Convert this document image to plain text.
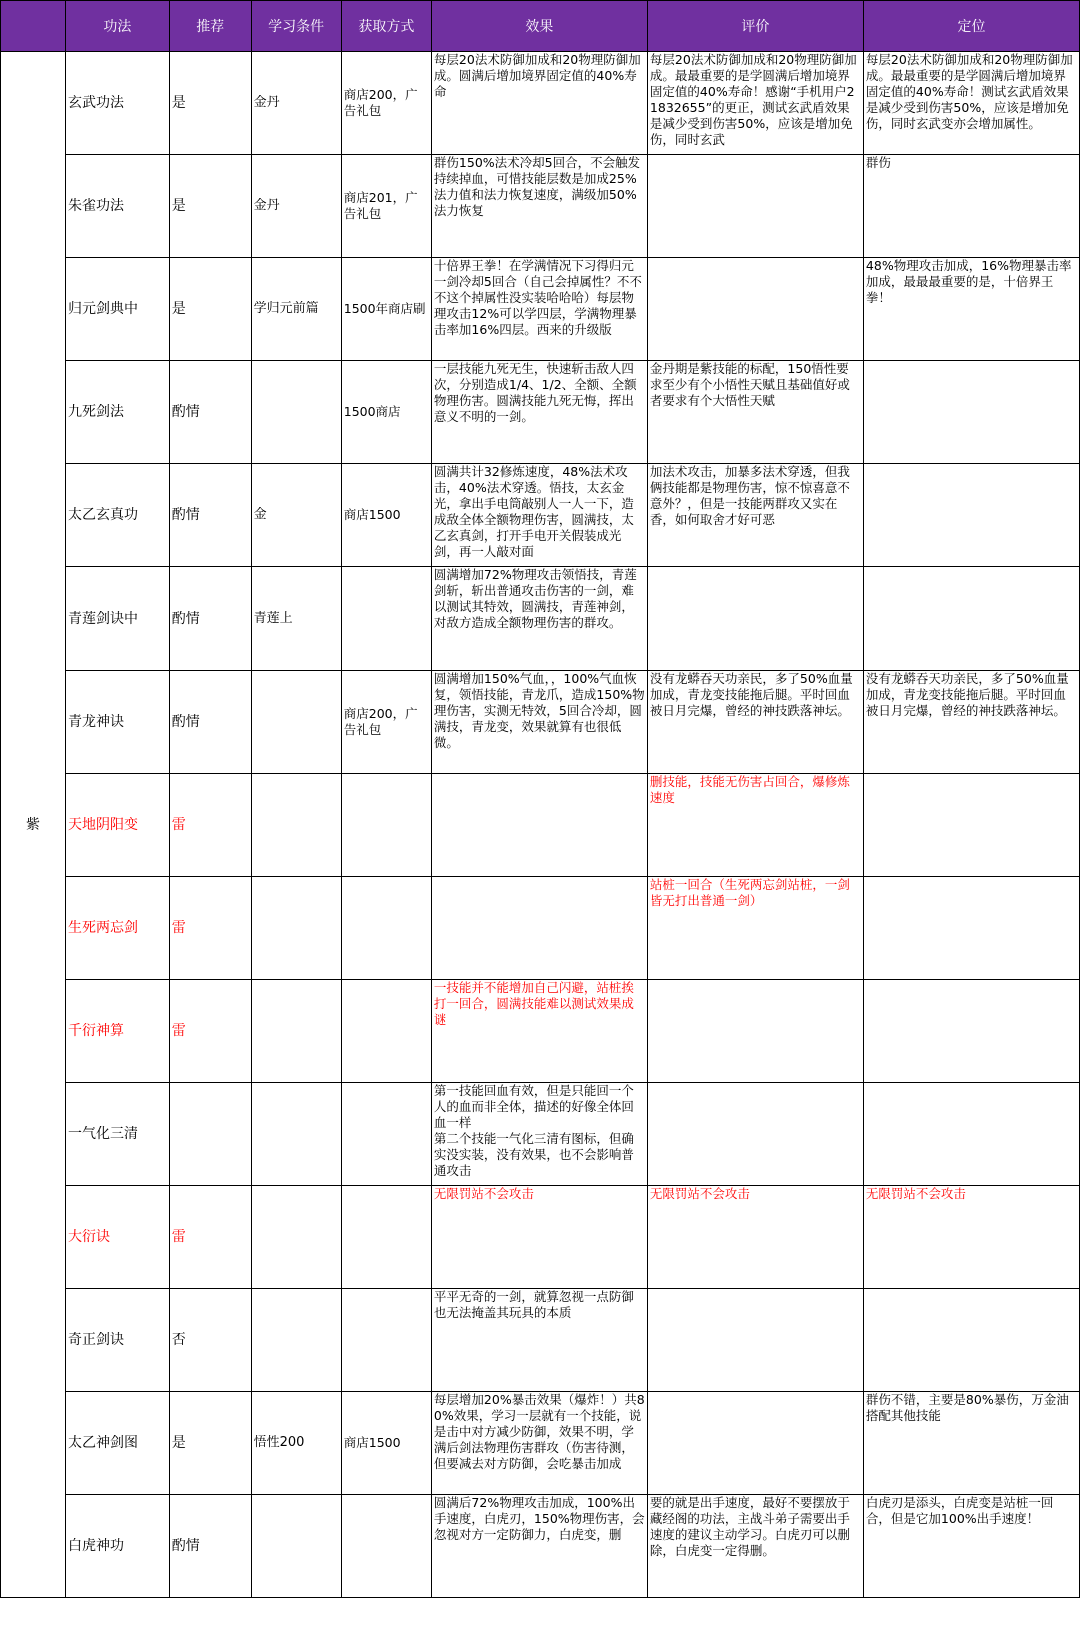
	功法	推荐	学习条件	获取方式	效果	评价	定位
紫	玄武功法	是	金丹	商店200，广告礼包	每层20法术防御加成和20物理防御加成。圆满后增加境界固定值的40%寿命	每层20法术防御加成和20物理防御加成。最最重要的是学圆满后增加境界固定值的40%寿命！感谢“手机用户21832655”的更正，测试玄武盾效果是减少受到伤害50%，应该是增加免伤，同时玄武	每层20法术防御加成和20物理防御加成。最最重要的是学圆满后增加境界固定值的40%寿命！测试玄武盾效果是减少受到伤害50%，应该是增加免伤，同时玄武变亦会增加属性。

	朱雀功法	是	金丹	商店201，广告礼包	群伤150%法术冷却5回合，不会触发持续掉血，可惜技能层数是加成25%法力值和法力恢复速度，满级加50%法力恢复		群伤

	归元剑典中	是	学归元前篇	1500年商店刷	十倍界王拳！在学满情况下习得归元一剑冷却5回合（自己会掉属性？不不不这个掉属性没实装哈哈哈）每层物理攻击12%可以学四层，学满物理暴击率加16%四层。西来的升级版		48%物理攻击加成，16%物理暴击率加成，最最最重要的是，十倍界王拳！

	九死剑法	酌情		1500商店	一层技能九死无生，快速斩击敌人四次，分别造成1/4、1/2、全额、全额物理伤害。圆满技能九死无悔，挥出意义不明的一剑。	金丹期是紫技能的标配，150悟性要求至少有个小悟性天赋且基础值好或者要求有个大悟性天赋	

	太乙玄真功	酌情	金	商店1500	圆满共计32修炼速度，48%法术攻击，40%法术穿透。悟技，太玄金光，拿出手电筒敲别人一人一下，造成敌全体全额物理伤害，圆满技，太乙玄真剑，打开手电开关假装成光剑，再一人敲对面	加法术攻击，加暴多法术穿透，但我俩技能都是物理伤害，惊不惊喜意不意外？，但是一技能两群攻又实在香，如何取舍才好可恶	

	青莲剑诀中	酌情	青莲上		圆满增加72%物理攻击领悟技，青莲剑斩，斩出普通攻击伤害的一剑，难以测试其特效，圆满技，青莲神剑，对敌方造成全额物理伤害的群攻。		

	青龙神诀	酌情		商店200，广告礼包	圆满增加150%气血，，100%气血恢复，领悟技能，青龙爪，造成150%物理伤害，实测无特效，5回合冷却，圆满技，青龙变，效果就算有也很低微。	没有龙蟒吞天功亲民，多了50%血量加成，青龙变技能拖后腿。平时回血被日月完爆，曾经的神技跌落神坛。	没有龙蟒吞天功亲民，多了50%血量加成，青龙变技能拖后腿。平时回血被日月完爆，曾经的神技跌落神坛。

	天地阴阳变	雷				删技能，技能无伤害占回合，爆修炼速度	

	生死两忘剑	雷				站桩一回合（生死两忘剑站桩，一剑皆无打出普通一剑）	

	千衍神算	雷			一技能并不能增加自己闪避，站桩挨打一回合，圆满技能难以测试效果成谜		

	一气化三清				第一技能回血有效，但是只能回一个人的血而非全体，描述的好像全体回血一样
第二个技能一气化三清有图标，但确实没实装，没有效果，也不会影响普通攻击		

	大衍诀	雷			无限罚站不会攻击	无限罚站不会攻击	无限罚站不会攻击

	奇正剑诀	否			平平无奇的一剑，就算忽视一点防御也无法掩盖其玩具的本质		

	太乙神剑图	是	悟性200	商店1500	每层增加20%暴击效果（爆炸！）共80%效果，学习一层就有一个技能，说是击中对方减少防御，效果不明，学满后剑法物理伤害群攻（伤害待测，但要减去对方防御，会吃暴击加成		群伤不错，主要是80%暴伤，万金油搭配其他技能

	白虎神功	酌情			圆满后72%物理攻击加成，100%出手速度，白虎刃，150%物理伤害，会忽视对方一定防御力，白虎变，删	要的就是出手速度，最好不要摆放于藏经阁的功法，主战斗弟子需要出手速度的建议主动学习。白虎刃可以删除，白虎变一定得删。	白虎刃是添头，白虎变是站桩一回合，但是它加100%出手速度！
